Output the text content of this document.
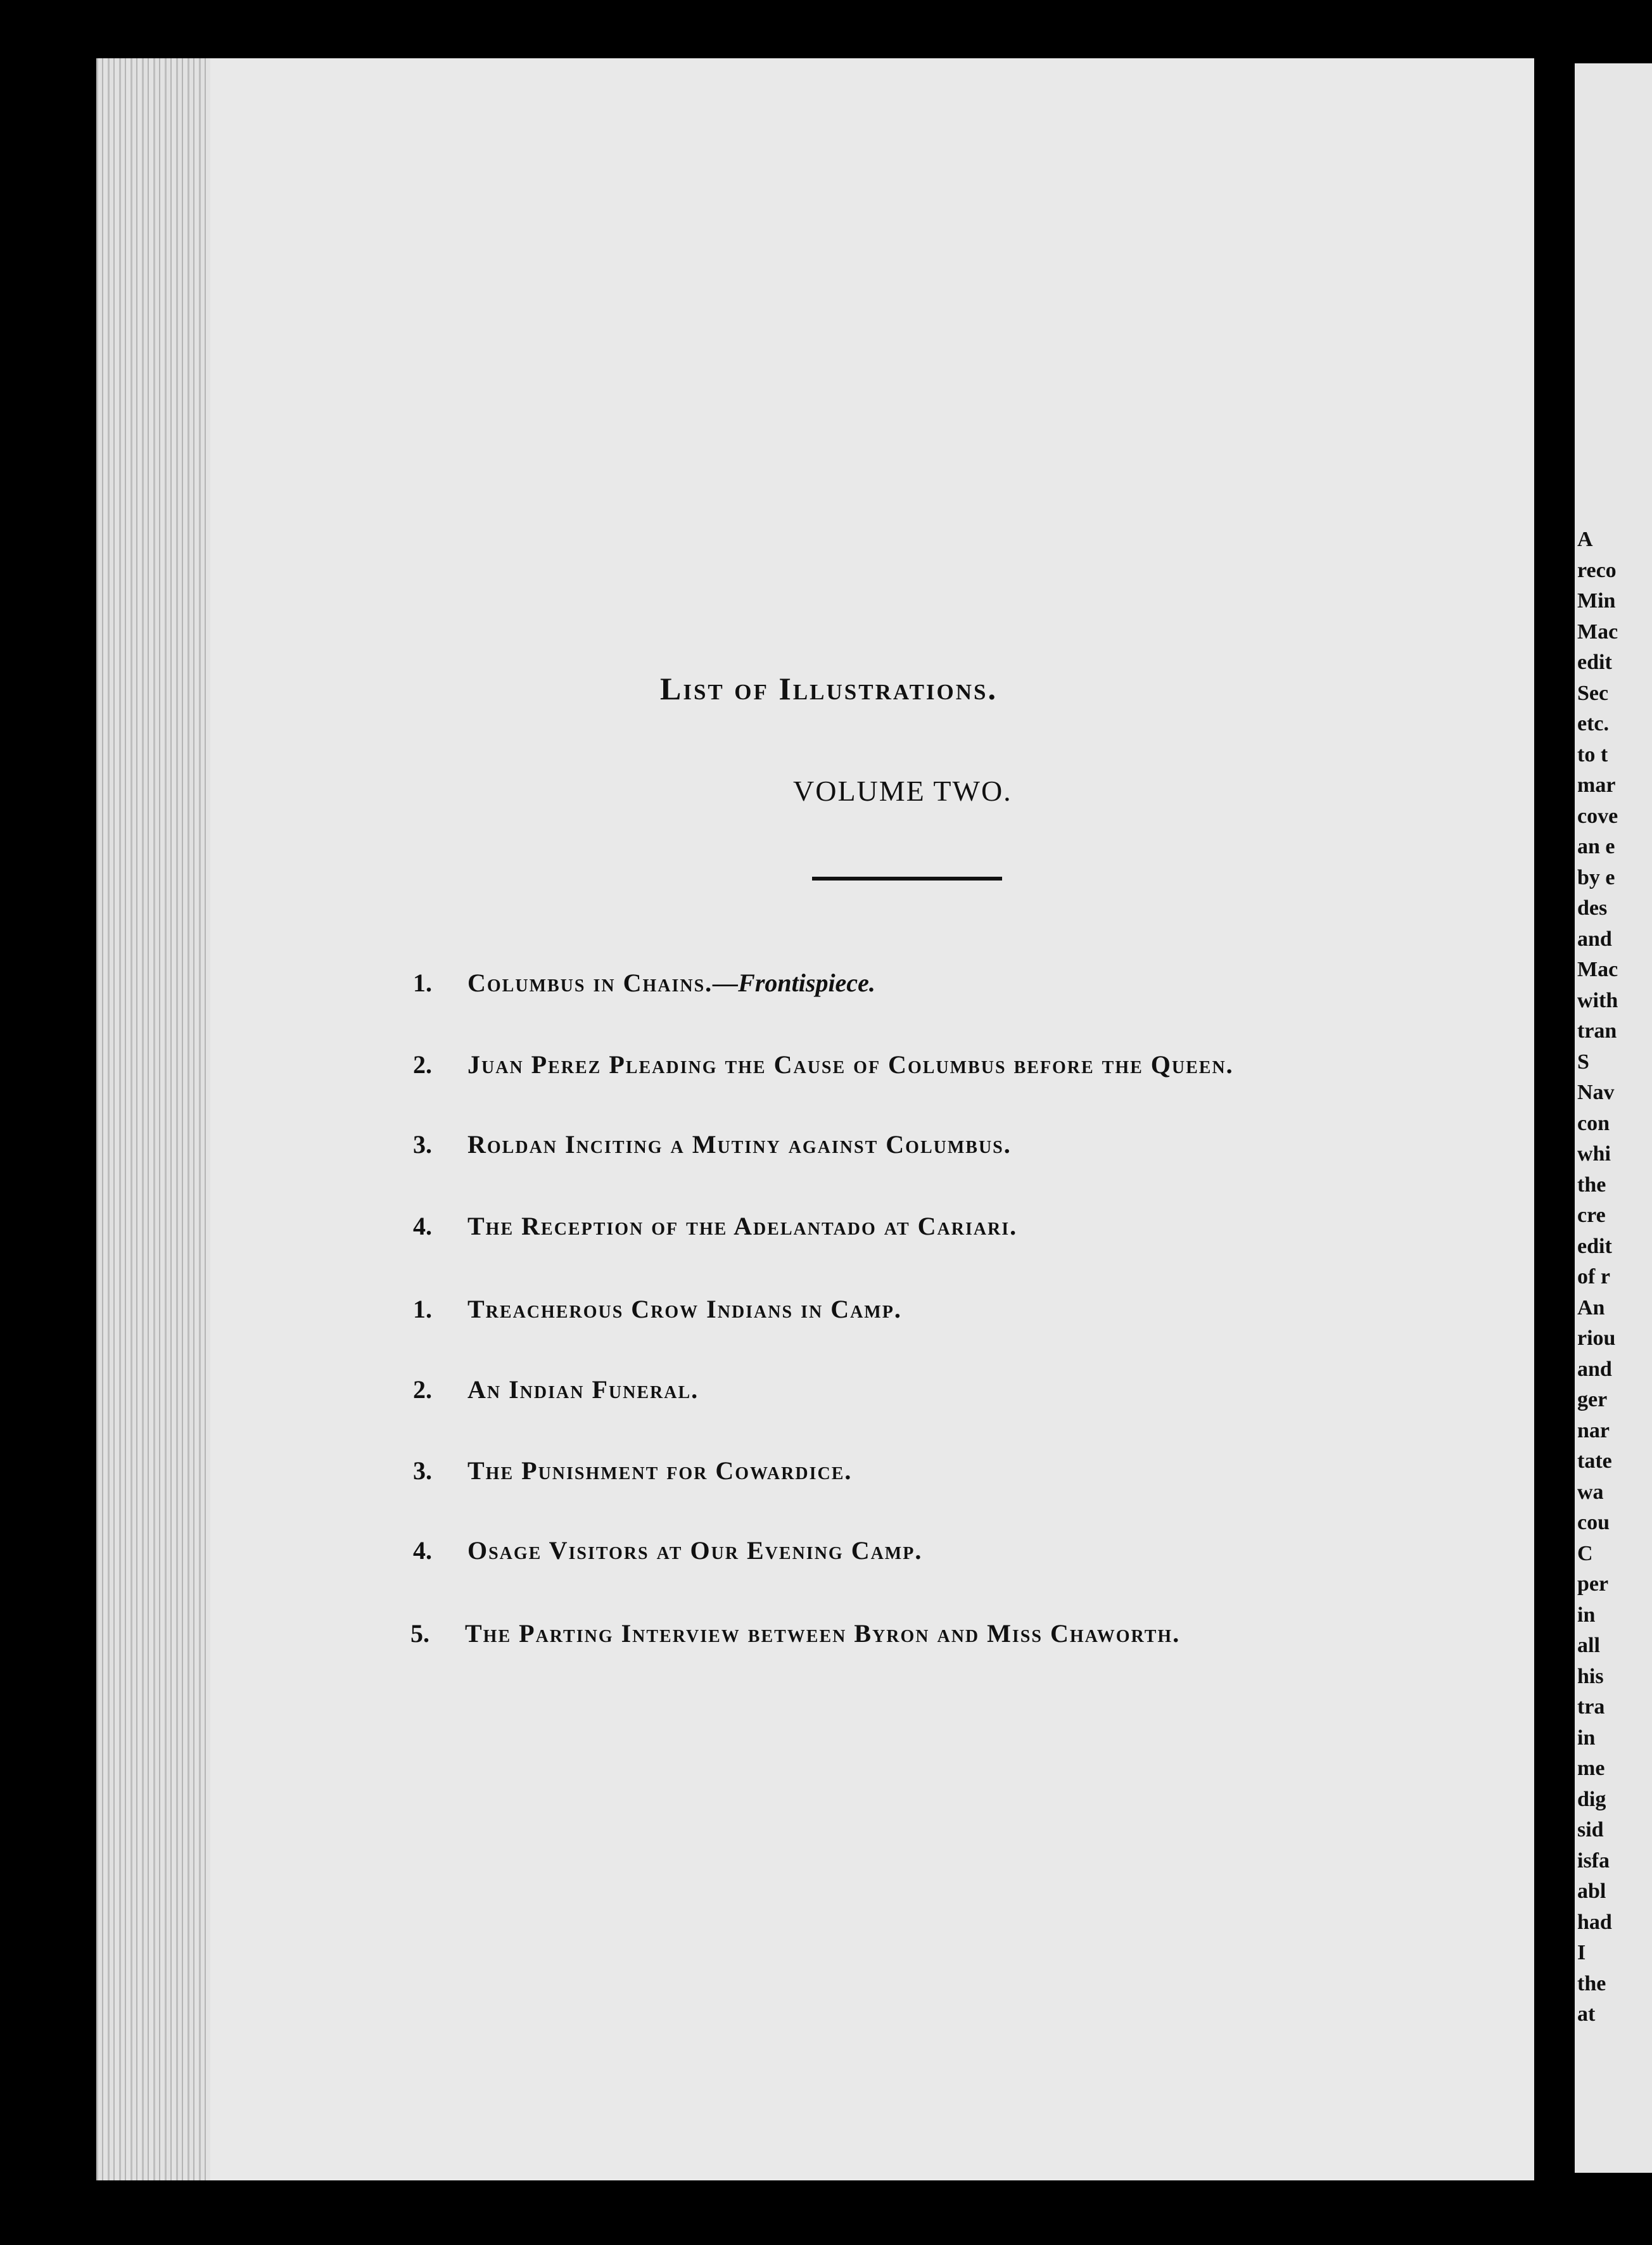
A
reco
Min
Mac
edit
Sec
etc.
to t
mar
cove
an e
by e
des
and
Mac
with
tran
S
Nav
con
whi
the
cre
edit
of r
An
riou
and
ger
nar
tate
wa
cou
C
per
in
all
his
tra
in
me
dig
sid
isfa
abl
had
I
the
at
List of Illustrations.
VOLUME TWO.
1.	Columbus in Chains.—Frontispiece.
2.	Juan Perez Pleading the Cause of Columbus before the Queen.
3.	Roldan Inciting a Mutiny against Columbus.
4.	The Reception of the Adelantado at Cariari.
1.	Treacherous Crow Indians in Camp.
2.	An Indian Funeral.
3.	The Punishment for Cowardice.
4.	Osage Visitors at Our Evening Camp.
5.	The Parting Interview between Byron and Miss Chaworth.
